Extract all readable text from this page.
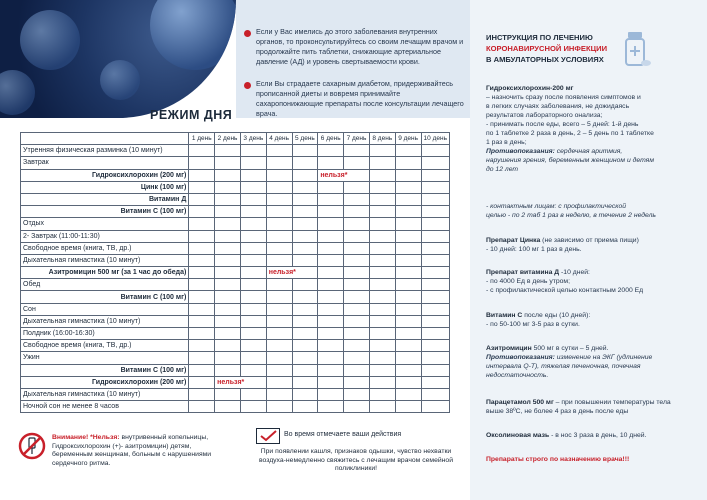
Если у Вас имелись до этого заболевания внутренних органов, то проконсультируйтесь со своим лечащим врачом и продолжайте пить таблетки, снижающие артериальное давление (АД) и уровень свертываемости крови.
Если Вы страдаете сахарным диабетом, придерживайтесь прописанной диеты и вовремя принимайте сахаропонижающие препараты после консультации лечащего врача.
РЕЖИМ ДНЯ
	1 день	2 день	3 день	4 день	5 день	6 день	7 день	8 день	9 день	10 день
Утренняя физическая разминка (10 минут)										
Завтрак										
Гидроксихлорохин (200 мг)						нельзя*				
Цинк (100 мг)										
Витамин Д										
Витамин С (100 мг)										
Отдых										
2- Завтрак (11:00-11:30)										
Свободное время (книга, ТВ, др.)										
Дыхательная гимнастика (10 минут)										
Азитромицин 500 мг (за 1 час до обеда)				нельзя*						
Обед										
Витамин С (100 мг)										
Сон										
Дыхательная гимнастика (10 минут)										
Полдник (16:00-16:30)										
Свободное время (книга, ТВ, др.)										
Ужин										
Витамин С (100 мг)										
Гидроксихлорохин (200 мг)		нельзя*								
Дыхательная гимнастика (10 минут)										
Ночной сон не менее 8 часов										
Внимание! *Нельзя: внутривенный копельницы, Гидроксихлорохин (+)- азитромицин) детям, беременным женщинам, больным с нарушениями сердечного ритма.
Во время отмечаете ваши действия
При появлении кашля, признаков одышки, чувство нехватки воздуха-немедленно свяжитесь с лечащим врачом семейной поликлиники!
ИНСТРУКЦИЯ ПО ЛЕЧЕНИЮ
КОРОНАВИРУСНОЙ ИНФЕКЦИИ
В АМБУЛАТОРНЫХ УСЛОВИЯХ
Гидроксихлорохин-200 мг
– назночить сразу после появления симптомов и
в легких случаях заболевания, не дожидаясь
результатов лабораторного онализа;
- принимать после еды, всего – 5 дней: 1-й день
по 1 таблетке 2 разa в день, 2 – 5 день по 1 таблетке
1 раз в день;
Противопоказания: сердечная аритмия,
нарушения зрения, беременным женщином и детям
до 12 лет
- контактным лицам: с профилактической
целью - по 2 таб 1 раз в неделю, в течение 2 недель
Препарат Цинка (не зависимо от приема пищи)
- 10 дней: 100 мг 1 раз в день.
Препарат витамина Д -10 дней:
- по 4000 Ед в день утром;
- с профилактической целью контактным 2000 Ед
Витамин С после еды (10 дней):
- по 50-100 мг 3-5 раз в сутки.
Азитромицин 500 мг в сутки – 5 дней.
Противопоказания: изменение на ЭКГ (удлинение
интервала Q-T), тяжелая печеночная, почечная
недостаточность.
Парацетамол 500 мг – при повышении температуры тела
выше 38ºС, не более 4 раз в день после еды
Оксолиновая мазь - в нос 3 раза в день, 10 дней.
Препараты строго по назначению врача!!!
